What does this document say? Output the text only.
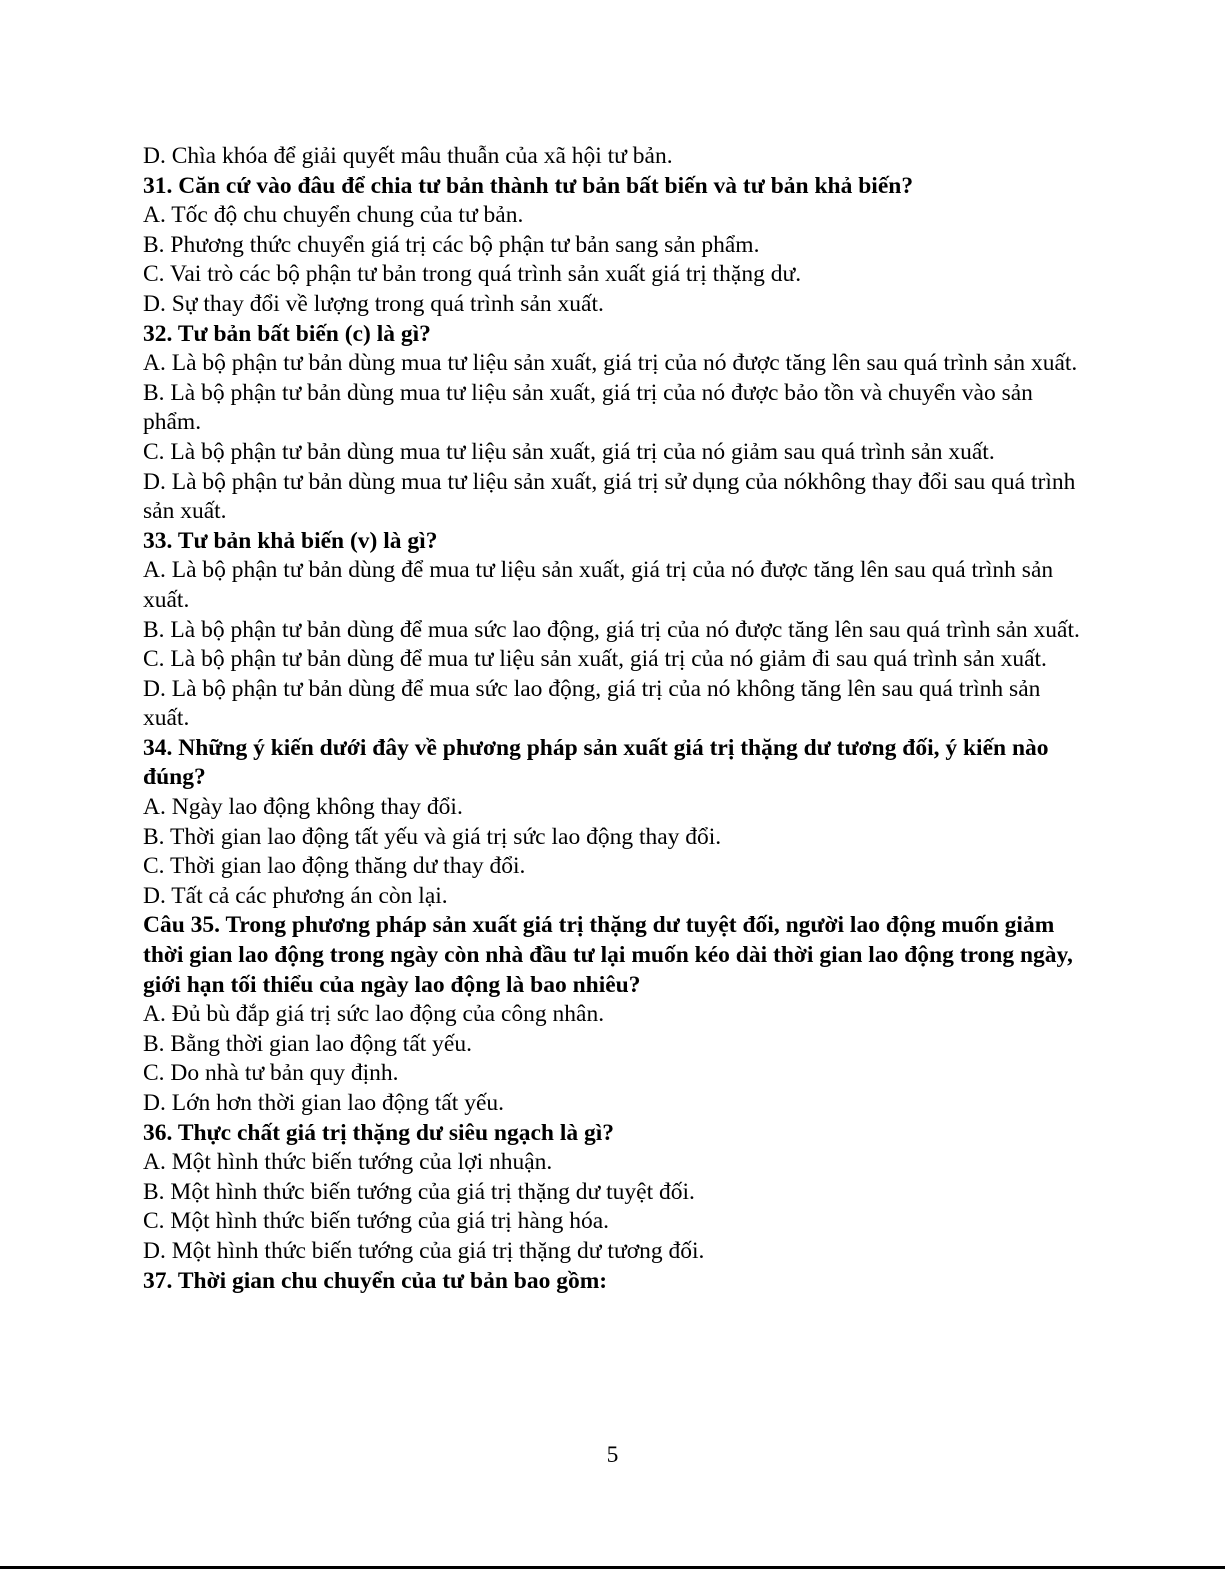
D. Chìa khóa để giải quyết mâu thuẫn của xã hội tư bản.

31. Căn cứ vào đâu để chia tư bản thành tư bản bất biến và tư bản khả biến?

A. Tốc độ chu chuyển chung của tư bản.

B. Phương thức chuyển giá trị các bộ phận tư bản sang sản phẩm.

C. Vai trò các bộ phận tư bản trong quá trình sản xuất giá trị thặng dư.

D. Sự thay đổi về lượng trong quá trình sản xuất.

32. Tư bản bất biến (c) là gì?

A. Là bộ phận tư bản dùng mua tư liệu sản xuất, giá trị của nó được tăng lên sau quá trình sản xuất.

B. Là bộ phận tư bản dùng mua tư liệu sản xuất, giá trị của nó được bảo tồn và chuyển vào sản phẩm.

C. Là bộ phận tư bản dùng mua tư liệu sản xuất, giá trị của nó giảm sau quá trình sản xuất.

D. Là bộ phận tư bản dùng mua tư liệu sản xuất, giá trị sử dụng của nókhông thay đổi sau quá trình sản xuất.

33. Tư bản khả biến (v) là gì?

A. Là bộ phận tư bản dùng để mua tư liệu sản xuất, giá trị của nó được tăng lên sau quá trình sản xuất.

B. Là bộ phận tư bản dùng để mua sức lao động, giá trị của nó được tăng lên sau quá trình sản xuất.

C. Là bộ phận tư bản dùng để mua tư liệu sản xuất, giá trị của nó giảm đi sau quá trình sản xuất.

D. Là bộ phận tư bản dùng để mua sức lao động, giá trị của nó không tăng lên sau quá trình sản xuất.

34. Những ý kiến dưới đây về phương pháp sản xuất giá trị thặng dư tương đối, ý kiến nào đúng?

A. Ngày lao động không thay đổi.

B. Thời gian lao động tất yếu và giá trị sức lao động thay đổi.

C. Thời gian lao động thăng dư thay đổi.

D. Tất cả các phương án còn lại.

Câu 35. Trong phương pháp sản xuất giá trị thặng dư tuyệt đối, người lao động muốn giảm thời gian lao động trong ngày còn nhà đầu tư lại muốn kéo dài thời gian lao động trong ngày, giới hạn tối thiểu của ngày lao động là bao nhiêu?

A. Đủ bù đắp giá trị sức lao động của công nhân.

B. Bằng thời gian lao động tất yếu.

C. Do nhà tư bản quy định.

D. Lớn hơn thời gian lao động tất yếu.

36. Thực chất giá trị thặng dư siêu ngạch là gì?

A. Một hình thức biến tướng của lợi nhuận.

B. Một hình thức biến tướng của giá trị thặng dư tuyệt đối.

C. Một hình thức biến tướng của giá trị hàng hóa.

D. Một hình thức biến tướng của giá trị thặng dư tương đối.

37. Thời gian chu chuyển của tư bản bao gồm:

5
